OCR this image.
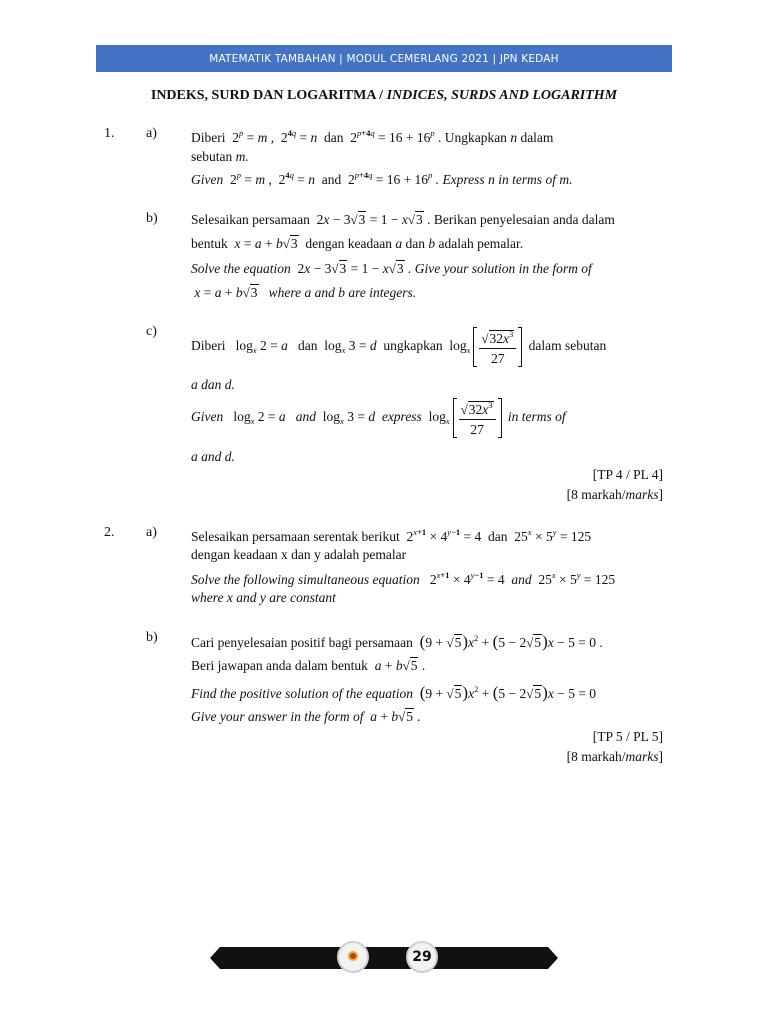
MATEMATIK TAMBAHAN | MODUL CEMERLANG 2021 | JPN KEDAH
INDEKS, SURD DAN LOGARITMA / INDICES, SURDS AND LOGARITHM
1. a)	Diberi  $2^p = m$ ,  $2^{4q} = n$ dan $2^{p+4q} = 16 + 16^p$ . Ungkapkan n dalam
sebutan m.
Given  $2^p = m$ ,  $2^{4q} = n$ and $2^{p+4q} = 16 + 16^p$ . Express n in terms of m.
b) Selesaikan persamaan  2x − 3√3 = 1 − x√3 . Berikan penyelesaian anda dalam
bentuk x = a + b√3 dengan keadaan a dan b adalah pemalar.
Solve the equation  2x − 3√3 = 1 − x√3 . Give your solution in the form of
x = a + b√3 where a and b are integers.
c)
Diberi $\log_x 2 = a$ dan $\log_x 3 = d$ ungkapkan $\log_x \frac{√32x^3}{27}$ dalam sebutan
a dan d.
Given $\log_x 2 = a$ and $\log_x 3 = d$ express $\log_x \frac{√32x^3}{27}$ in terms of
a and d.
[TP 4 / PL 4]
[8 markah/marks]
2. a)	Selesaikan persamaan serentak berikut $2^{x+1} \times 4^{y-1} = 4$ dan $25^x \times 5^y = 125$
dengan keadaan x dan y adalah pemalar
Solve the following simultaneous equation $2^{x+1} \times 4^{y-1} = 4$ and $25^x \times 5^y = 125$
where x and y are constant
b) Cari penyelesaian positif bagi persamaan $(9 + √5)x^2 + (5 - 2√5)x - 5 = 0$ .
Beri jawapan anda dalam bentuk a + b√5 .
Find the positive solution of the equation $(9 + √5)x^2 + (5 - 2√5)x - 5 = 0$
Give your answer in the form of a + b√5 .
[TP 5 / PL 5]
[8 markah/marks]
29
